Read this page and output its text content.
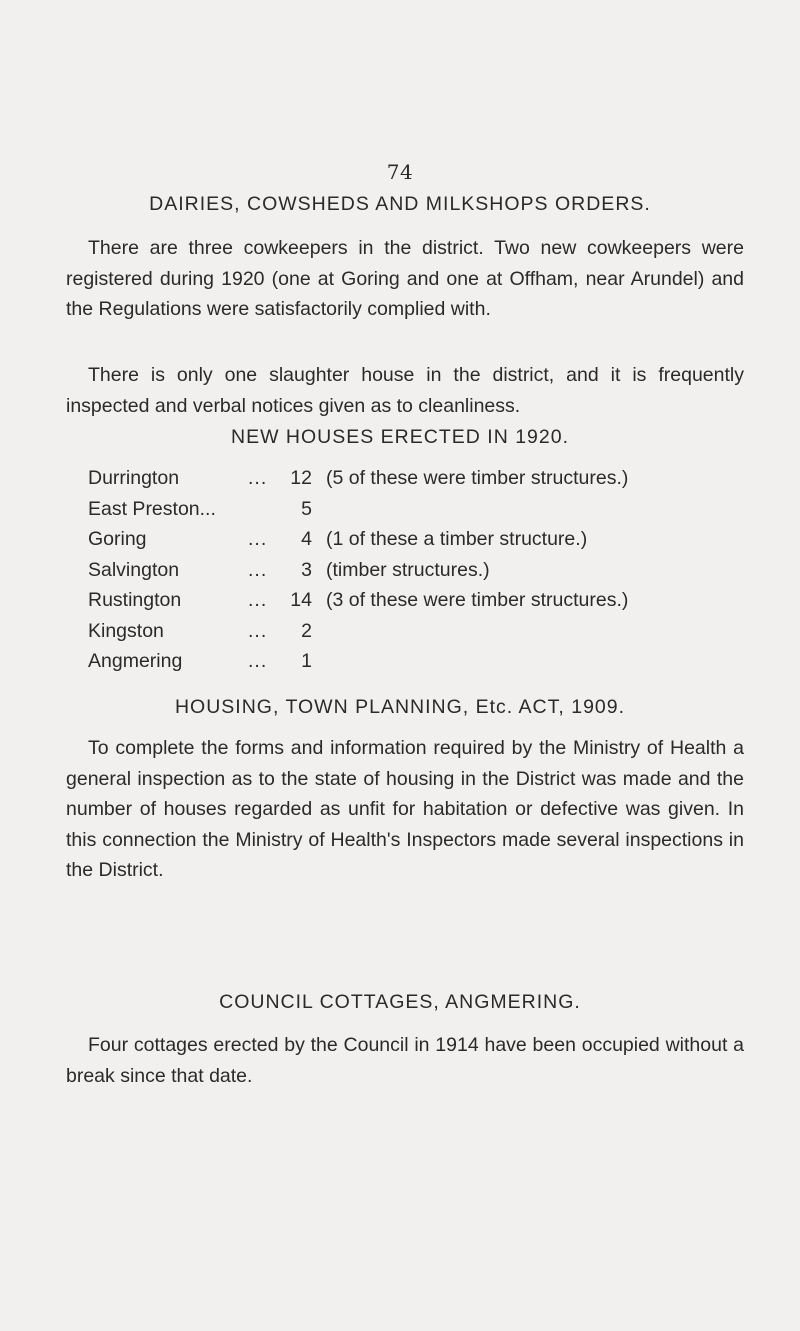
74
DAIRIES, COWSHEDS AND MILKSHOPS ORDERS.
There are three cowkeepers in the district. Two new cowkeepers were registered during 1920 (one at Goring and one at Offham, near Arundel) and the Regulations were satisfactorily complied with.
There is only one slaughter house in the district, and it is frequently inspected and verbal notices given as to cleanliness.
NEW HOUSES ERECTED IN 1920.
Durrington	...	12 (5 of these were timber structures.)
East Preston...	5
Goring	...	4 (1 of these a timber structure.)
Salvington	...	3 (timber structures.)
Rustington	...	14 (3 of these were timber structures.)
Kingston	...	2
Angmering	...	1
HOUSING, TOWN PLANNING, Etc. ACT, 1909.
To complete the forms and information required by the Ministry of Health a general inspection as to the state of housing in the District was made and the number of houses regarded as unfit for habitation or defective was given. In this connection the Ministry of Health's Inspectors made several inspections in the District.
COUNCIL COTTAGES, ANGMERING.
Four cottages erected by the Council in 1914 have been occupied without a break since that date.
